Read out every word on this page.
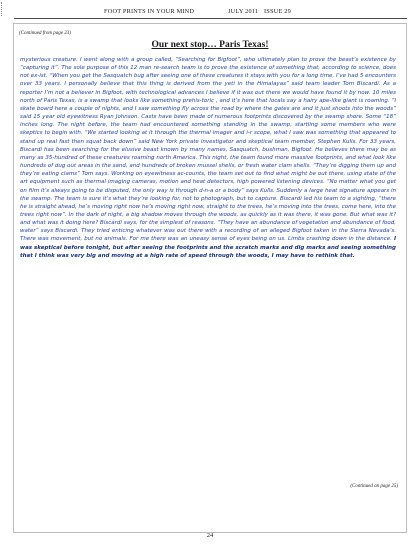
FOOT PRINTS IN YOUR MIND	JULY 2011 ISSUE 29
(Continued from page 23)
Our next stop… Paris Texas!

mysterious creature. I went along with a group called, “Searching for Bigfoot”, who ultimately plan to prove the beast’s existence by “capturing it”. The sole purpose of this 12 man re-search team is to prove the existence of something that, according to science, does not ex-ist. “When you get the Sasquatch bug after seeing one of these creatures it stays with you for a long time, I’ve had 5 encounters over 33 years. I personally believe that this thing is derived from the yeti in the Himalayas” said team leader Tom Biscardi. As a reporter I’m not a believer in Bigfoot, with technological advances I believe if it was out there we would have found it by now. 10 miles north of Paris Texas, is a swamp that looks like something prehis-toric , and it’s here that locals say a hairy ape-like giant is roaming. “I skate board here a couple of nights, and I saw something fly across the road by where the gates are and it just shoots into the woods” said 15 year old eyewitness Ryan Johnson. Casts have been made of numerous footprints discovered by the swamp shore. Some “18” inches long. The night before, the team had encountered something standing in the swamp, startling some members who were skeptics to begin with. “We started looking at it through the thermal imager and i-r scope, what I saw was something that appeared to stand up real fast then squat back down” said New York private investigator and skeptical team member, Stephen Kulls. For 33 years, Biscardi has been searching for the elusive beast known by many names, Sasquatch, bushman, Bigfoot. He believes there may be as many as 35-hundred of these creatures roaming north America. This night, the team found more massive footprints, and what look like hundreds of dug out areas in the sand, and hundreds of broken mussel shells, or fresh water clam shells. “They’re digging them up and they’re eating clams” Tom says. Working on eyewitness ac-counts, the team set out to find what might be out there, using state of the art equipment such as thermal imaging cameras, motion and heat detectors, high powered listening devices. “No matter what you get on film it’s always going to be disputed, the only way is through d-n-a or a body” says Kulls. Suddenly a large heat signature appears in the swamp. The team is sure it’s what they’re looking for, not to photograph, but to capture. Biscardi led his team to a sighting, “there he is straight ahead, he’s moving right now he’s moving right now, straight to the trees, he’s moving into the trees, come here, into the trees right now”. In the dark of night, a big shadow moves through the woods, as quickly as it was there, it was gone. But what was it? and what was it doing here? Biscardi says, for the simplest of reasons. “They have an abundance of vegetation and abundance of food, water” says Biscardi. They tried enticing whatever was out there with a recording of an alleged Bigfoot taken in the Sierra Nevada’s. There was movement, but no animals. For me there was an uneasy sense of eyes being on us. Limbs crashing down in the distance. I was skeptical before tonight, but after seeing the footprints and the scratch marks and dig marks and seeing something that I think was very big and moving at a high rate of speed through the woods, I may have to rethink that.

(Continued on page 25)
24
